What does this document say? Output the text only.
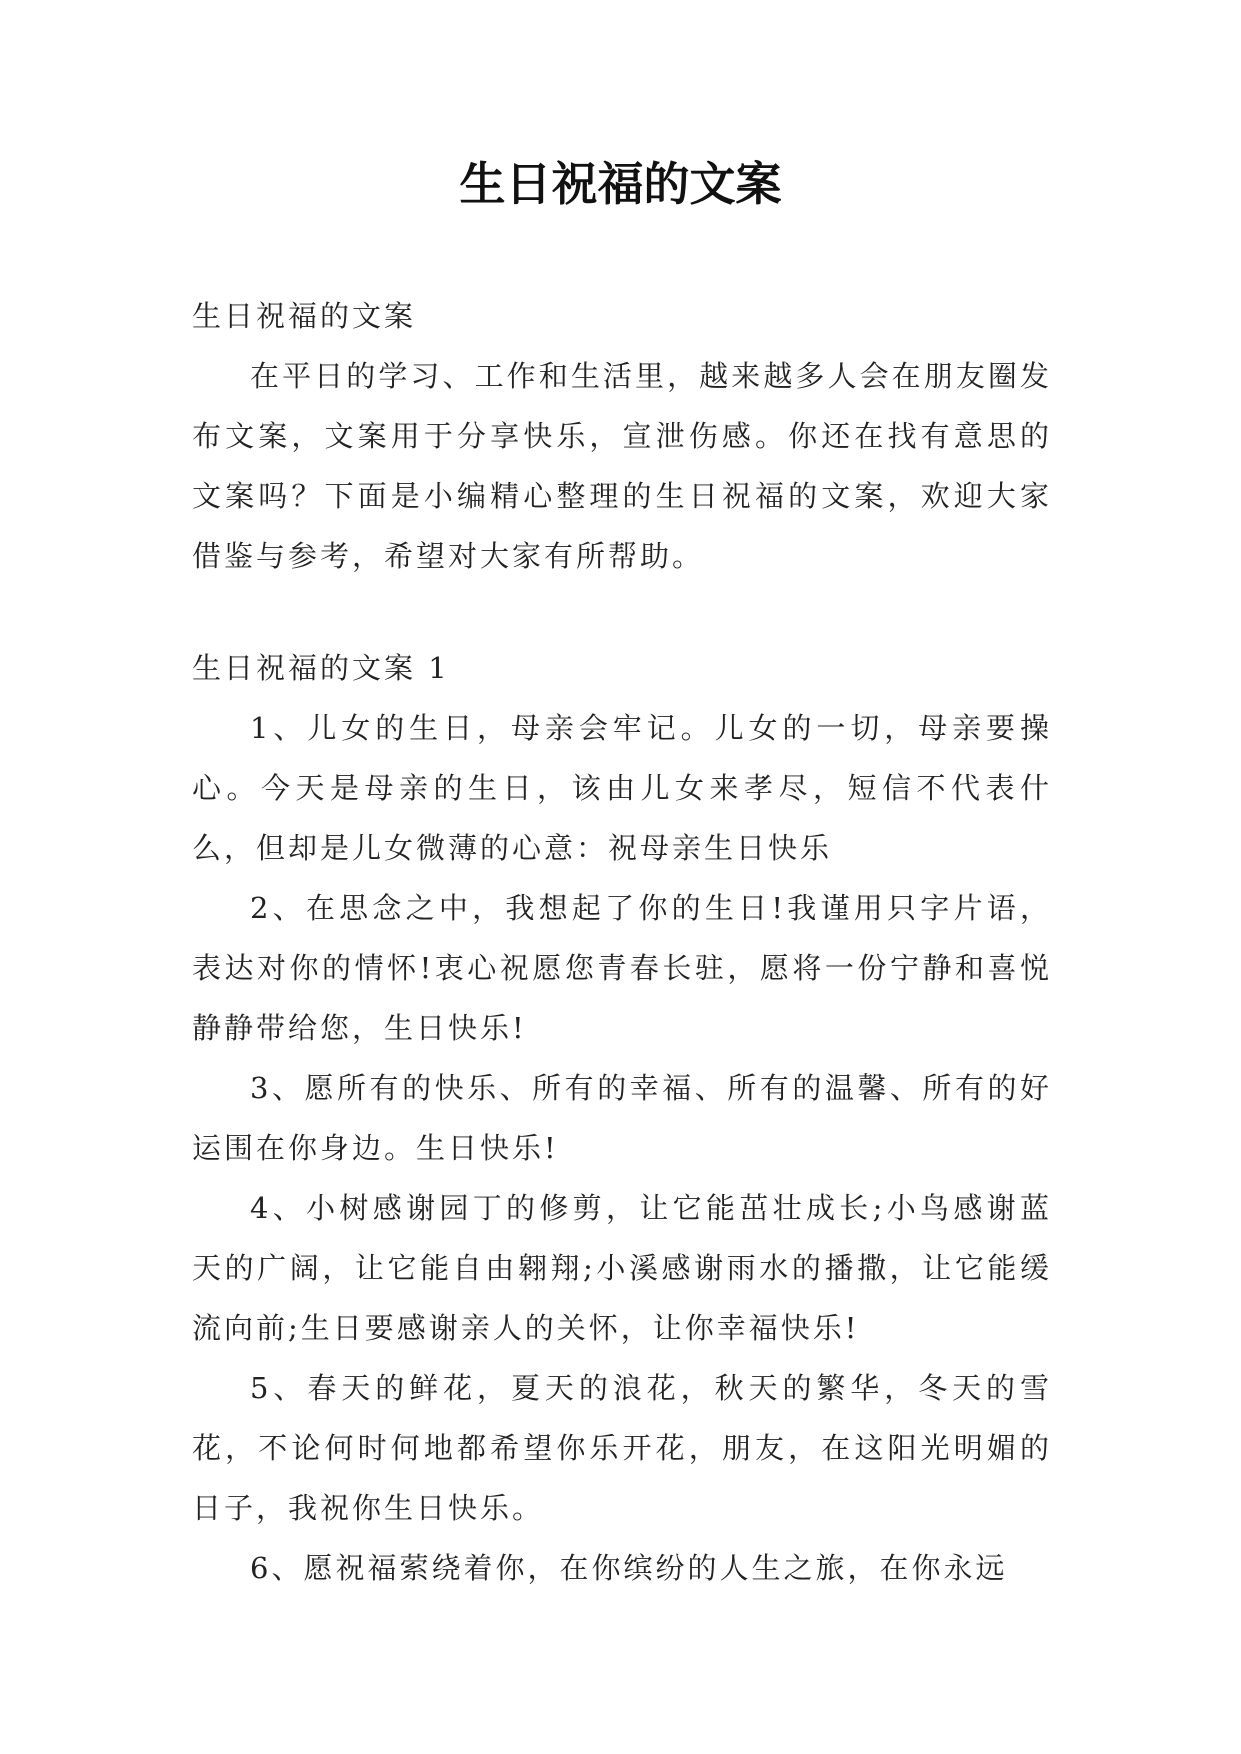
生日祝福的文案

生日祝福的文案

在平日的学习、工作和生活里，越来越多人会在朋友圈发布文案，文案用于分享快乐，宣泄伤感。你还在找有意思的文案吗？下面是小编精心整理的生日祝福的文案，欢迎大家借鉴与参考，希望对大家有所帮助。

生日祝福的文案 1

1、儿女的生日，母亲会牢记。儿女的一切，母亲要操心。今天是母亲的生日，该由儿女来孝尽，短信不代表什么，但却是儿女微薄的心意：祝母亲生日快乐

2、在思念之中，我想起了你的生日!我谨用只字片语，表达对你的情怀!衷心祝愿您青春长驻，愿将一份宁静和喜悦静静带给您，生日快乐!

3、愿所有的快乐、所有的幸福、所有的温馨、所有的好运围在你身边。生日快乐!

4、小树感谢园丁的修剪，让它能茁壮成长;小鸟感谢蓝天的广阔，让它能自由翱翔;小溪感谢雨水的播撒，让它能缓流向前;生日要感谢亲人的关怀，让你幸福快乐!

5、春天的鲜花，夏天的浪花，秋天的繁华，冬天的雪花，不论何时何地都希望你乐开花，朋友，在这阳光明媚的日子，我祝你生日快乐。

6、愿祝福萦绕着你，在你缤纷的人生之旅，在你永远
